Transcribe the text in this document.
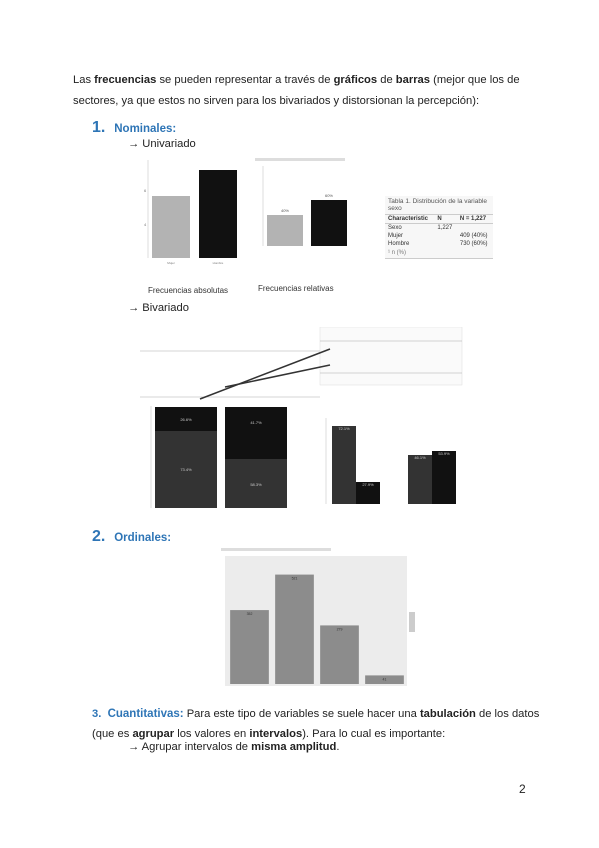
Las frecuencias se pueden representar a través de gráficos de barras (mejor que los de sectores, ya que estos no sirven para los bivariados y distorsionan la percepción):
1. Nominales:
→ Univariado
6
4
Mujer	Hombre
Frecuencias absolutas
40%
60%
Frecuencias relativas
Tabla 1. Distribución de la variable sexo
Characteristic	N	N = 1,227
Sexo	1,227	
Mujer		409 (40%)
Hombre		730 (60%)
¹ n (%)
→ Bivariado
26.6%
73.4%
41.7%
58.3%
72.1%
27.9%
46.1%
53.9%
2. Ordinales:
352
521
279
41
3. Cuantitativas: Para este tipo de variables se suele hacer una tabulación de los datos (que es agrupar los valores en intervalos). Para lo cual es importante:
→ Agrupar intervalos de misma amplitud.
2
